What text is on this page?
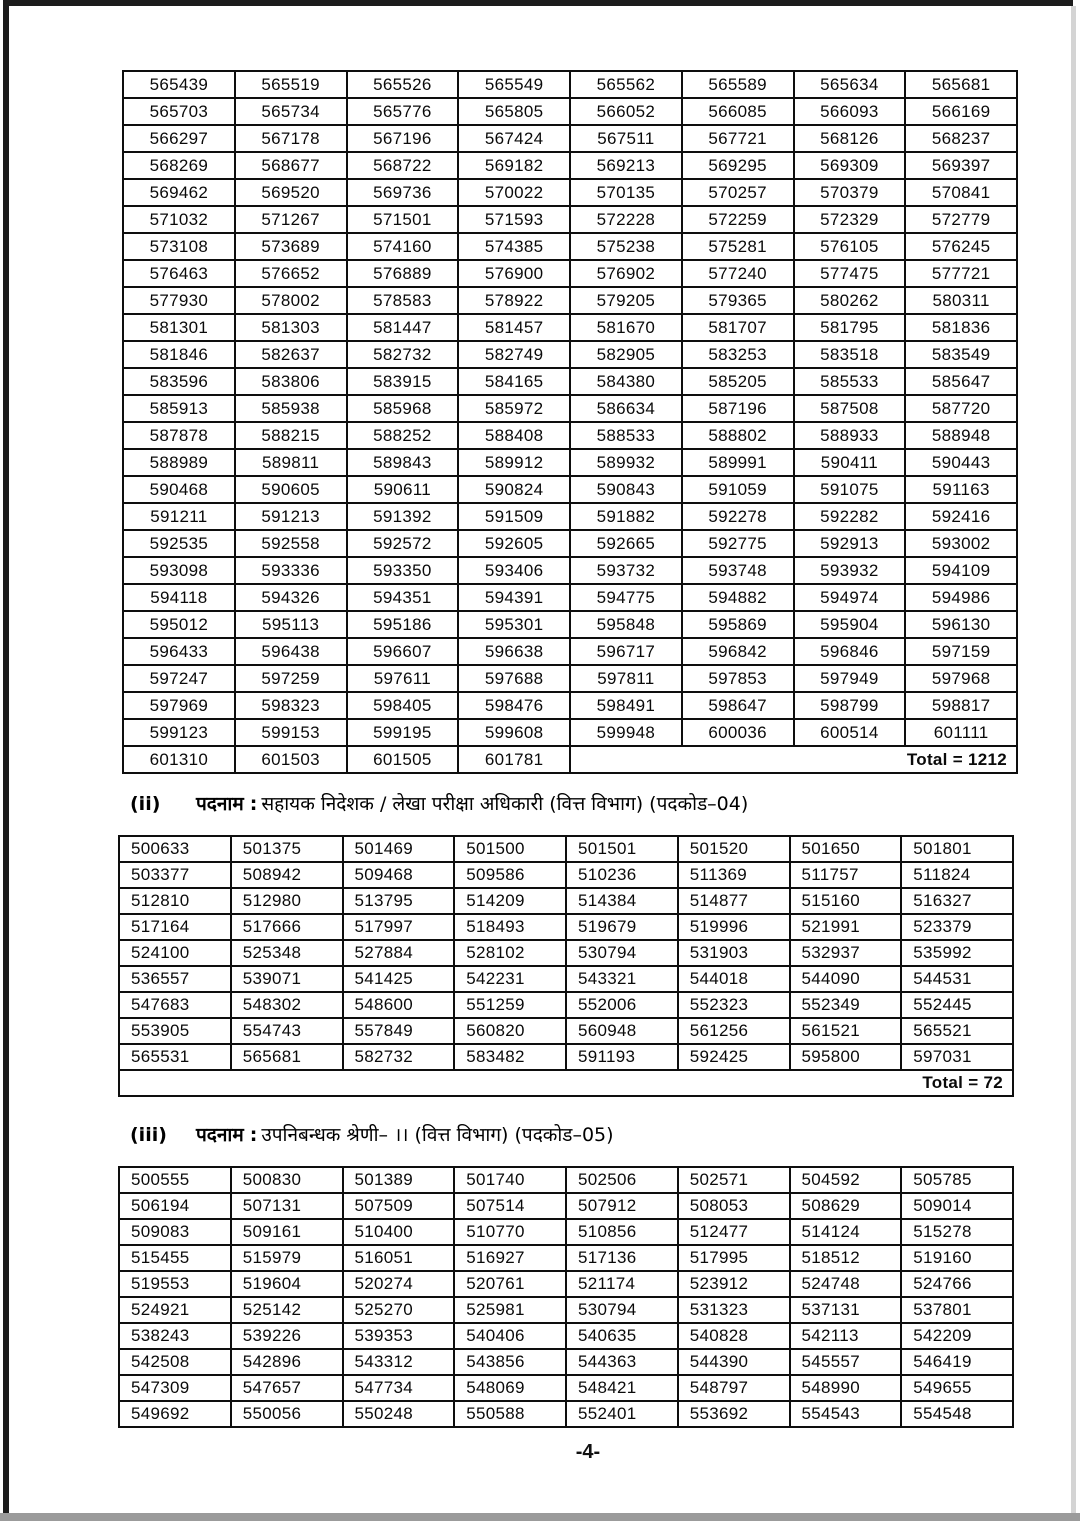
565439	565519	565526	565549	565562	565589	565634	565681
565703	565734	565776	565805	566052	566085	566093	566169
566297	567178	567196	567424	567511	567721	568126	568237
568269	568677	568722	569182	569213	569295	569309	569397
569462	569520	569736	570022	570135	570257	570379	570841
571032	571267	571501	571593	572228	572259	572329	572779
573108	573689	574160	574385	575238	575281	576105	576245
576463	576652	576889	576900	576902	577240	577475	577721
577930	578002	578583	578922	579205	579365	580262	580311
581301	581303	581447	581457	581670	581707	581795	581836
581846	582637	582732	582749	582905	583253	583518	583549
583596	583806	583915	584165	584380	585205	585533	585647
585913	585938	585968	585972	586634	587196	587508	587720
587878	588215	588252	588408	588533	588802	588933	588948
588989	589811	589843	589912	589932	589991	590411	590443
590468	590605	590611	590824	590843	591059	591075	591163
591211	591213	591392	591509	591882	592278	592282	592416
592535	592558	592572	592605	592665	592775	592913	593002
593098	593336	593350	593406	593732	593748	593932	594109
594118	594326	594351	594391	594775	594882	594974	594986
595012	595113	595186	595301	595848	595869	595904	596130
596433	596438	596607	596638	596717	596842	596846	597159
597247	597259	597611	597688	597811	597853	597949	597968
597969	598323	598405	598476	598491	598647	598799	598817
599123	599153	599195	599608	599948	600036	600514	601111
601310	601503	601505	601781	Total = 1212			
(ii) पदनाम : सहायक निदेशक / लेखा परीक्षा अधिकारी (वित्त विभाग) (पदकोड–04)
500633	501375	501469	501500	501501	501520	501650	501801
503377	508942	509468	509586	510236	511369	511757	511824
512810	512980	513795	514209	514384	514877	515160	516327
517164	517666	517997	518493	519679	519996	521991	523379
524100	525348	527884	528102	530794	531903	532937	535992
536557	539071	541425	542231	543321	544018	544090	544531
547683	548302	548600	551259	552006	552323	552349	552445
553905	554743	557849	560820	560948	561256	561521	565521
565531	565681	582732	583482	591193	592425	595800	597031
Total = 72							
(iii) पदनाम : उपनिबन्धक श्रेणी– ।। (वित्त विभाग) (पदकोड–05)
500555	500830	501389	501740	502506	502571	504592	505785
506194	507131	507509	507514	507912	508053	508629	509014
509083	509161	510400	510770	510856	512477	514124	515278
515455	515979	516051	516927	517136	517995	518512	519160
519553	519604	520274	520761	521174	523912	524748	524766
524921	525142	525270	525981	530794	531323	537131	537801
538243	539226	539353	540406	540635	540828	542113	542209
542508	542896	543312	543856	544363	544390	545557	546419
547309	547657	547734	548069	548421	548797	548990	549655
549692	550056	550248	550588	552401	553692	554543	554548
-4-
